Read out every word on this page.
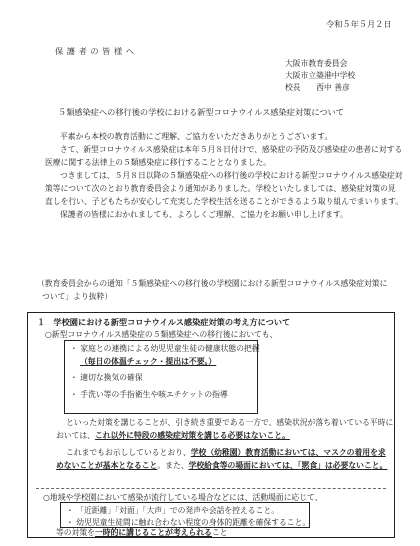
令和５年５月２日
保 護 者 の 皆 様 へ
大阪市教育委員会
大阪市立築港中学校
校長　　西中 善彦
５類感染症への移行後の学校における新型コロナウイルス感染症対策について
平素から本校の教育活動にご理解、ご協力をいただきありがとうございます。
さて、新型コロナウイルス感染症は本年５月８日付けで、感染症の予防及び感染症の患者に対する
医療に関する法律上の５類感染症に移行することとなりました。
つきましては、５月８日以降の５類感染症への移行後の学校における新型コロナウイルス感染症対
策等について次のとおり教育委員会より通知がありました。学校といたしましては、感染症対策の見
直しを行い、子どもたちが安心して充実した学校生活を送ることができるよう取り組んでまいります。
保護者の皆様におかれましても、よろしくご理解、ご協力をお願い申し上げます。
（教育委員会からの通知「５類感染症への移行後の学校園における新型コロナウイルス感染症対策に
ついて」より抜粋）
１　学校園における新型コロナウイルス感染症対策の考え方について
○新型コロナウイルス感染症の５類感染症への移行後においても、
・ 家庭との連携による幼児児童生徒の健康状態の把握
（毎日の体温チェック・提出は不要。）
・ 適切な換気の確保
・ 手洗い等の手指衛生や咳エチケットの指導
といった対策を講じることが、引き続き重要である一方で、感染状況が落ち着いている平時に
おいては、これ以外に特段の感染症対策を講じる必要はないこと。
これまでもお示ししているとおり、学校（幼稚園）教育活動においては、マスクの着用を求
めないことが基本となること。また、学校給食等の場面においては、「黙食」は必要ないこと。
○地域や学校園において感染が流行している場合などには、活動場面に応じて、
・ 「近距離」「対面」「大声」での発声や会話を控えること。
・ 幼児児童生徒間に触れ合わない程度の身体的距離を確保すること。
等の対策を一時的に講じることが考えられること
